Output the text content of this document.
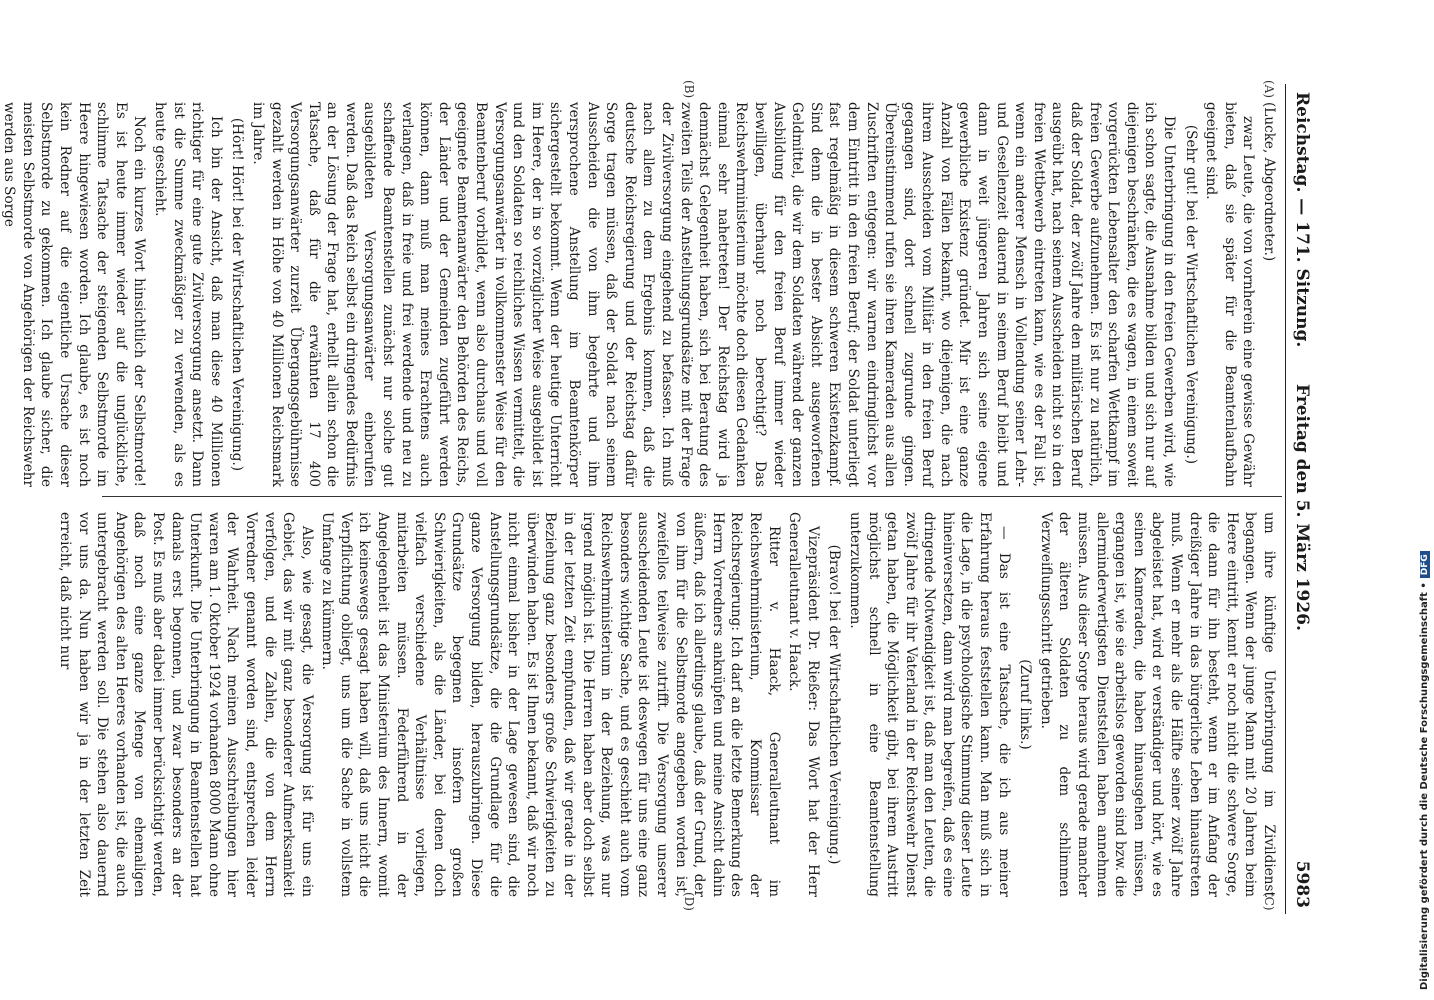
Reichstag. — 171. Sitzung.
Freitag den 5. März 1926.
5983
(A)
(B)
(C)
(D)

(Lucke, Abgeordneter.)

zwar Leute, die von vornherein eine gewisse Gewähr bieten, daß sie später für die Beamtenlaufbahn geeignet sind.

(Sehr gut! bei der Wirtschaftlichen Vereinigung.)

Die Unterbringung in den freien Gewerben wird, wie ich schon sagte, die Ausnahme bilden und sich nur auf diejenigen beschränken, die es wagen, in einem soweit vorgerückten Lebensalter den scharfen Wettkampf im freien Gewerbe aufzunehmen. Es ist nur zu natürlich, daß der Soldat, der zwölf Jahre den militärischen Beruf ausgeübt hat, nach seinem Ausscheiden nicht so in den freien Wettbewerb eintreten kann, wie es der Fall ist, wenn ein anderer Mensch in Vollendung seiner Lehr- und Gesellenzeit dauernd in seinem Beruf bleibt und dann in weit jüngeren Jahren sich seine eigene gewerbliche Existenz gründet. Mir ist eine ganze Anzahl von Fällen bekannt, wo diejenigen, die nach ihrem Ausscheiden vom Militär in den freien Beruf gegangen sind, dort schnell zugrunde gingen. Übereinstimmend rufen sie ihren Kameraden aus allen Zuschriften entgegen: wir warnen eindringlichst vor dem Eintritt in den freien Beruf; der Soldat unterliegt fast regelmäßig in diesem schweren Existenzkampf. Sind denn die in bester Absicht ausgeworfenen Geldmittel, die wir dem Soldaten während der ganzen Ausbildung für den freien Beruf immer wieder bewilligen, überhaupt noch berechtigt? Das Reichswehrministerium möchte doch diesen Gedanken einmal sehr nahetreten! Der Reichstag wird ja demnächst Gelegenheit haben, sich bei Beratung des zweiten Teils der Anstellungsgrundsätze mit der Frage der Zivilversorgung eingehend zu befassen. Ich muß nach allem zu dem Ergebnis kommen, daß die deutsche Reichsregierung und der Reichstag dafür Sorge tragen müssen, daß der Soldat nach seinem Ausscheiden die von ihm begehrte und ihm versprochene Anstellung im Beamtenkörper sichergestellt bekommt. Wenn der heutige Unterricht im Heere, der in so vorzüglicher Weise ausgebildet ist und den Soldaten so reichliches Wissen vermittelt, die Versorgungsanwärter in vollkommenster Weise für den Beamtenberuf vorbildet, wenn also durchaus und voll geeignete Beamtenanwärter den Behörden des Reichs, der Länder und der Gemeinden zugeführt werden können, dann muß man meines Erachtens auch verlangen, daß in freie und frei werdende und neu zu schaffende Beamtenstellen zunächst nur solche gut ausgebildeten Versorgungsanwärter einberufen werden. Daß das Reich selbst ein dringendes Bedürfnis an der Lösung der Frage hat, erhellt allein schon die Tatsache, daß für die erwähnten 17 400 Versorgungsanwärter zurzeit Übergangsgebührnisse gezahlt werden in Höhe von 40 Millionen Reichsmark im Jahre.

(Hört! Hört! bei der Wirtschaftlichen Vereinigung.)

Ich bin der Ansicht, daß man diese 40 Millionen richtiger für eine gute Zivilversorgung ansetzt. Dann ist die Summe zweckmäßiger zu verwenden, als es heute geschieht.

Noch ein kurzes Wort hinsichtlich der Selbstmorde! Es ist heute immer wieder auf die unglückliche, schlimme Tatsache der steigenden Selbstmorde im Heere hingewiesen worden. Ich glaube, es ist noch kein Redner auf die eigentliche Ursache dieser Selbstmorde zu gekommen. Ich glaube sicher, die meisten Selbstmorde von Angehörigen der Reichswehr werden aus Sorge

um ihre künftige Unterbringung im Zivildienst begangen. Wenn der junge Mann mit 20 Jahren beim Heere eintritt, kennt er noch nicht die schwere Sorge, die dann für ihn besteht, wenn er im Anfang der dreißiger Jahre in das bürgerliche Leben hinaustreten muß. Wenn er mehr als die Hälfte seiner zwölf Jahre abgeleistet hat, wird er verständiger und hört, wie es seinen Kameraden, die haben hinausgehen müssen, ergangen ist, wie sie arbeitslos geworden sind bzw. die allerminderwertigsten Dienststellen haben annehmen müssen. Aus dieser Sorge heraus wird gerade mancher der älteren Soldaten zu dem schlimmen Verzweiflungsschritt getrieben.

(Zuruf links.)

— Das ist eine Tatsache, die ich aus meiner Erfahrung heraus feststellen kann. Man muß sich in die Lage, in die psychologische Stimmung dieser Leute hineinversetzen, dann wird man begreifen, daß es eine dringende Notwendigkeit ist, daß man den Leuten, die zwölf Jahre für ihr Vaterland in der Reichswehr Dienst getan haben, die Möglichkeit gibt, bei ihrem Austritt möglichst schnell in eine Beamtenstellung unterzukommen.

(Bravo! bei der Wirtschaftlichen Vereinigung.)

Vizepräsident Dr. Rießer: Das Wort hat der Herr Generalleutnant v. Haack.

Ritter v. Haack, Generalleutnant im Reichswehrministerium, Kommissar der Reichsregierung: Ich darf an die letzte Bemerkung des Herrn Vorredners anknüpfen und meine Ansicht dahin äußern, daß ich allerdings glaube, daß der Grund, der von ihm für die Selbstmorde angegeben worden ist, zweifellos teilweise zutrifft. Die Versorgung unserer ausscheidenden Leute ist deswegen für uns eine ganz besonders wichtige Sache, und es geschieht auch vom Reichswehrministerium in der Beziehung, was nur irgend möglich ist. Die Herren haben aber doch selbst in der letzten Zeit empfunden, daß wir gerade in der Beziehung ganz besonders große Schwierigkeiten zu überwinden haben. Es ist Ihnen bekannt, daß wir noch nicht einmal bisher in der Lage gewesen sind, die Anstellungsgrundsätze, die die Grundlage für die ganze Versorgung bilden, herauszubringen. Diese Grundsätze begegnen insofern großen Schwierigkeiten, als die Länder, bei denen doch vielfach verschiedene Verhältnisse vorliegen, mitarbeiten müssen. Federführend in der Angelegenheit ist das Ministerium des Innern, womit ich keineswegs gesagt haben will, daß uns nicht die Verpflichtung obliegt, uns um die Sache in vollstem Umfange zu kümmern.

Also, wie gesagt, die Versorgung ist für uns ein Gebiet, das wir mit ganz besonderer Aufmerksamkeit verfolgen, und die Zahlen, die von dem Herrn Vorredner genannt worden sind, entsprechen leider der Wahrheit. Nach meinen Ausschreibungen hier waren am 1. Oktober 1924 vorhanden 8000 Mann ohne Unterkunft. Die Unterbringung in Beamtenstellen hat damals erst begonnen, und zwar besonders an der Post. Es muß aber dabei immer berücksichtigt werden, daß noch eine ganze Menge von ehemaligen Angehörigen des alten Heeres vorhanden ist, die auch untergebracht werden soll. Die stehen also dauernd vor uns da. Nun haben wir ja in der letzten Zeit erreicht, daß nicht nur	Digitalisierung gefördert durch die Deutsche Forschungsgemeinschaft •DFG
